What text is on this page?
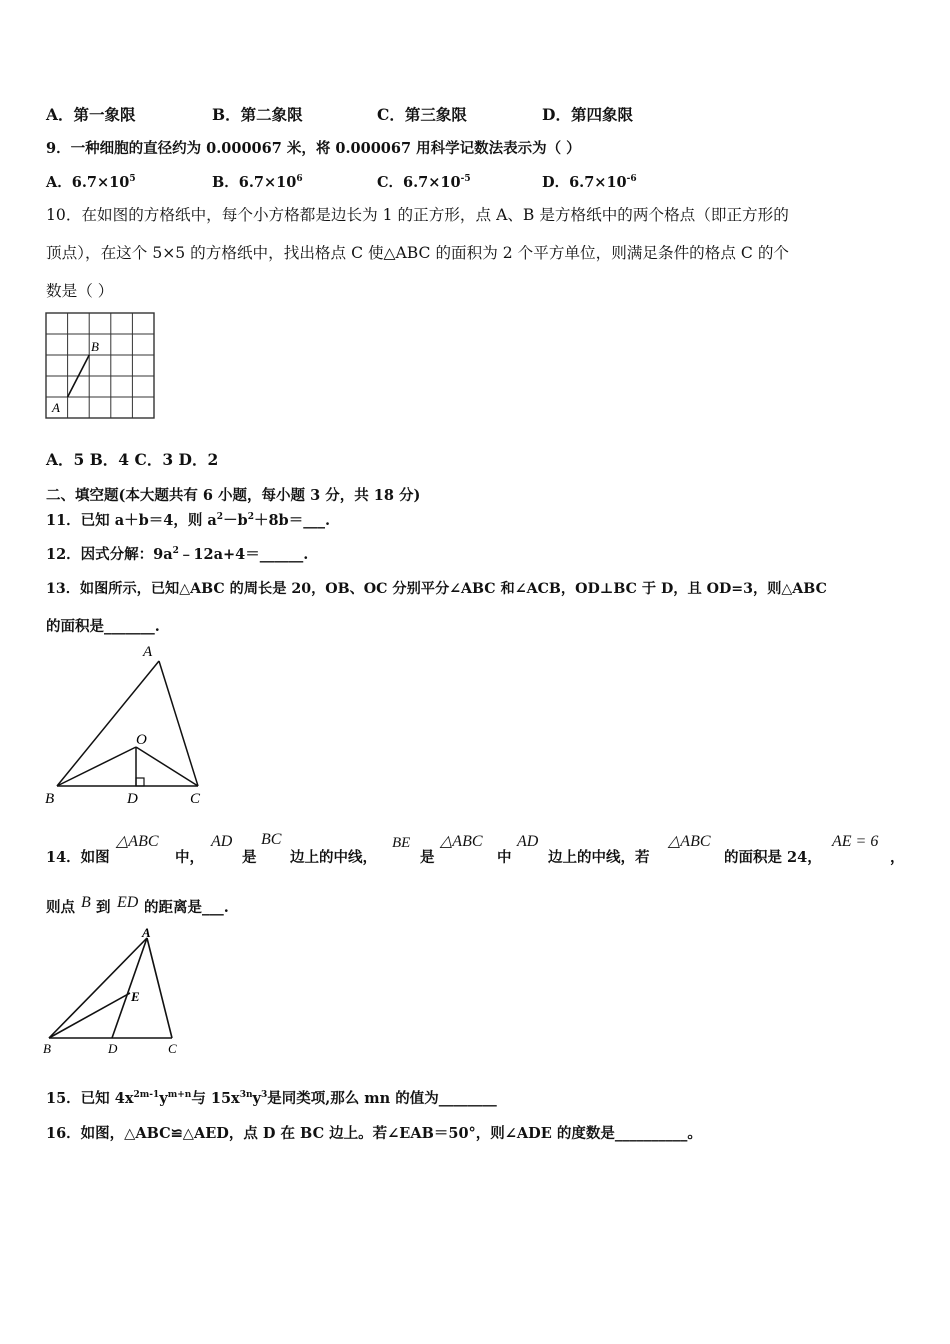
A．第一象限	B．第二象限	C．第三象限	D．第四象限
9．一种细胞的直径约为 0.000067 米，将 0.000067 用科学记数法表示为（ ）
A．$6.7\times 10^5$	B．$6.7\times 10^6$	C．$6.7\times 10^{-5}$	D．$6.7\times 10^{-6}$
10．在如图的方格纸中，每个小方格都是边长为 1 的正方形，点 A、B 是方格纸中的两个格点（即正方形的
顶点），在这个 5×5 的方格纸中，找出格点 C 使△ABC 的面积为 2 个平方单位，则满足条件的格点 C 的个
数是（ ）
A
B
A．5 B．4 C．3 D．2
二、填空题(本大题共有 6 小题，每小题 3 分，共 18 分)
11．已知 a＋b＝4，则 $a^2-b^2+8b=\_\_\_$.
12．因式分解：$9a^2﹣12a+4=\_\_\_\_\_\_$.
13．如图所示，已知△ABC 的周长是 20，OB、OC 分别平分∠ABC 和∠ACB，OD⊥BC 于 D，且 OD=3，则△ABC
的面积是_______.
A
O
B	D	C
14．如图
△ABC
中，
AD
是
BC
边上的中线，
BE
是
△ABC
中
AD
边上的中线，若
△ABC
的面积是 24，
AE = 6
，
则点 B 到 ED 的距离是___.
A
E
B	D	C
15．已知 $4x^{2m-1}y^{m+n}$与 $15x^{3n}y^3$是同类项,那么 mn 的值为________
16．如图，△ABC≌△AED，点 D 在 BC 边上。若∠EAB＝50°，则∠ADE 的度数是__________。
